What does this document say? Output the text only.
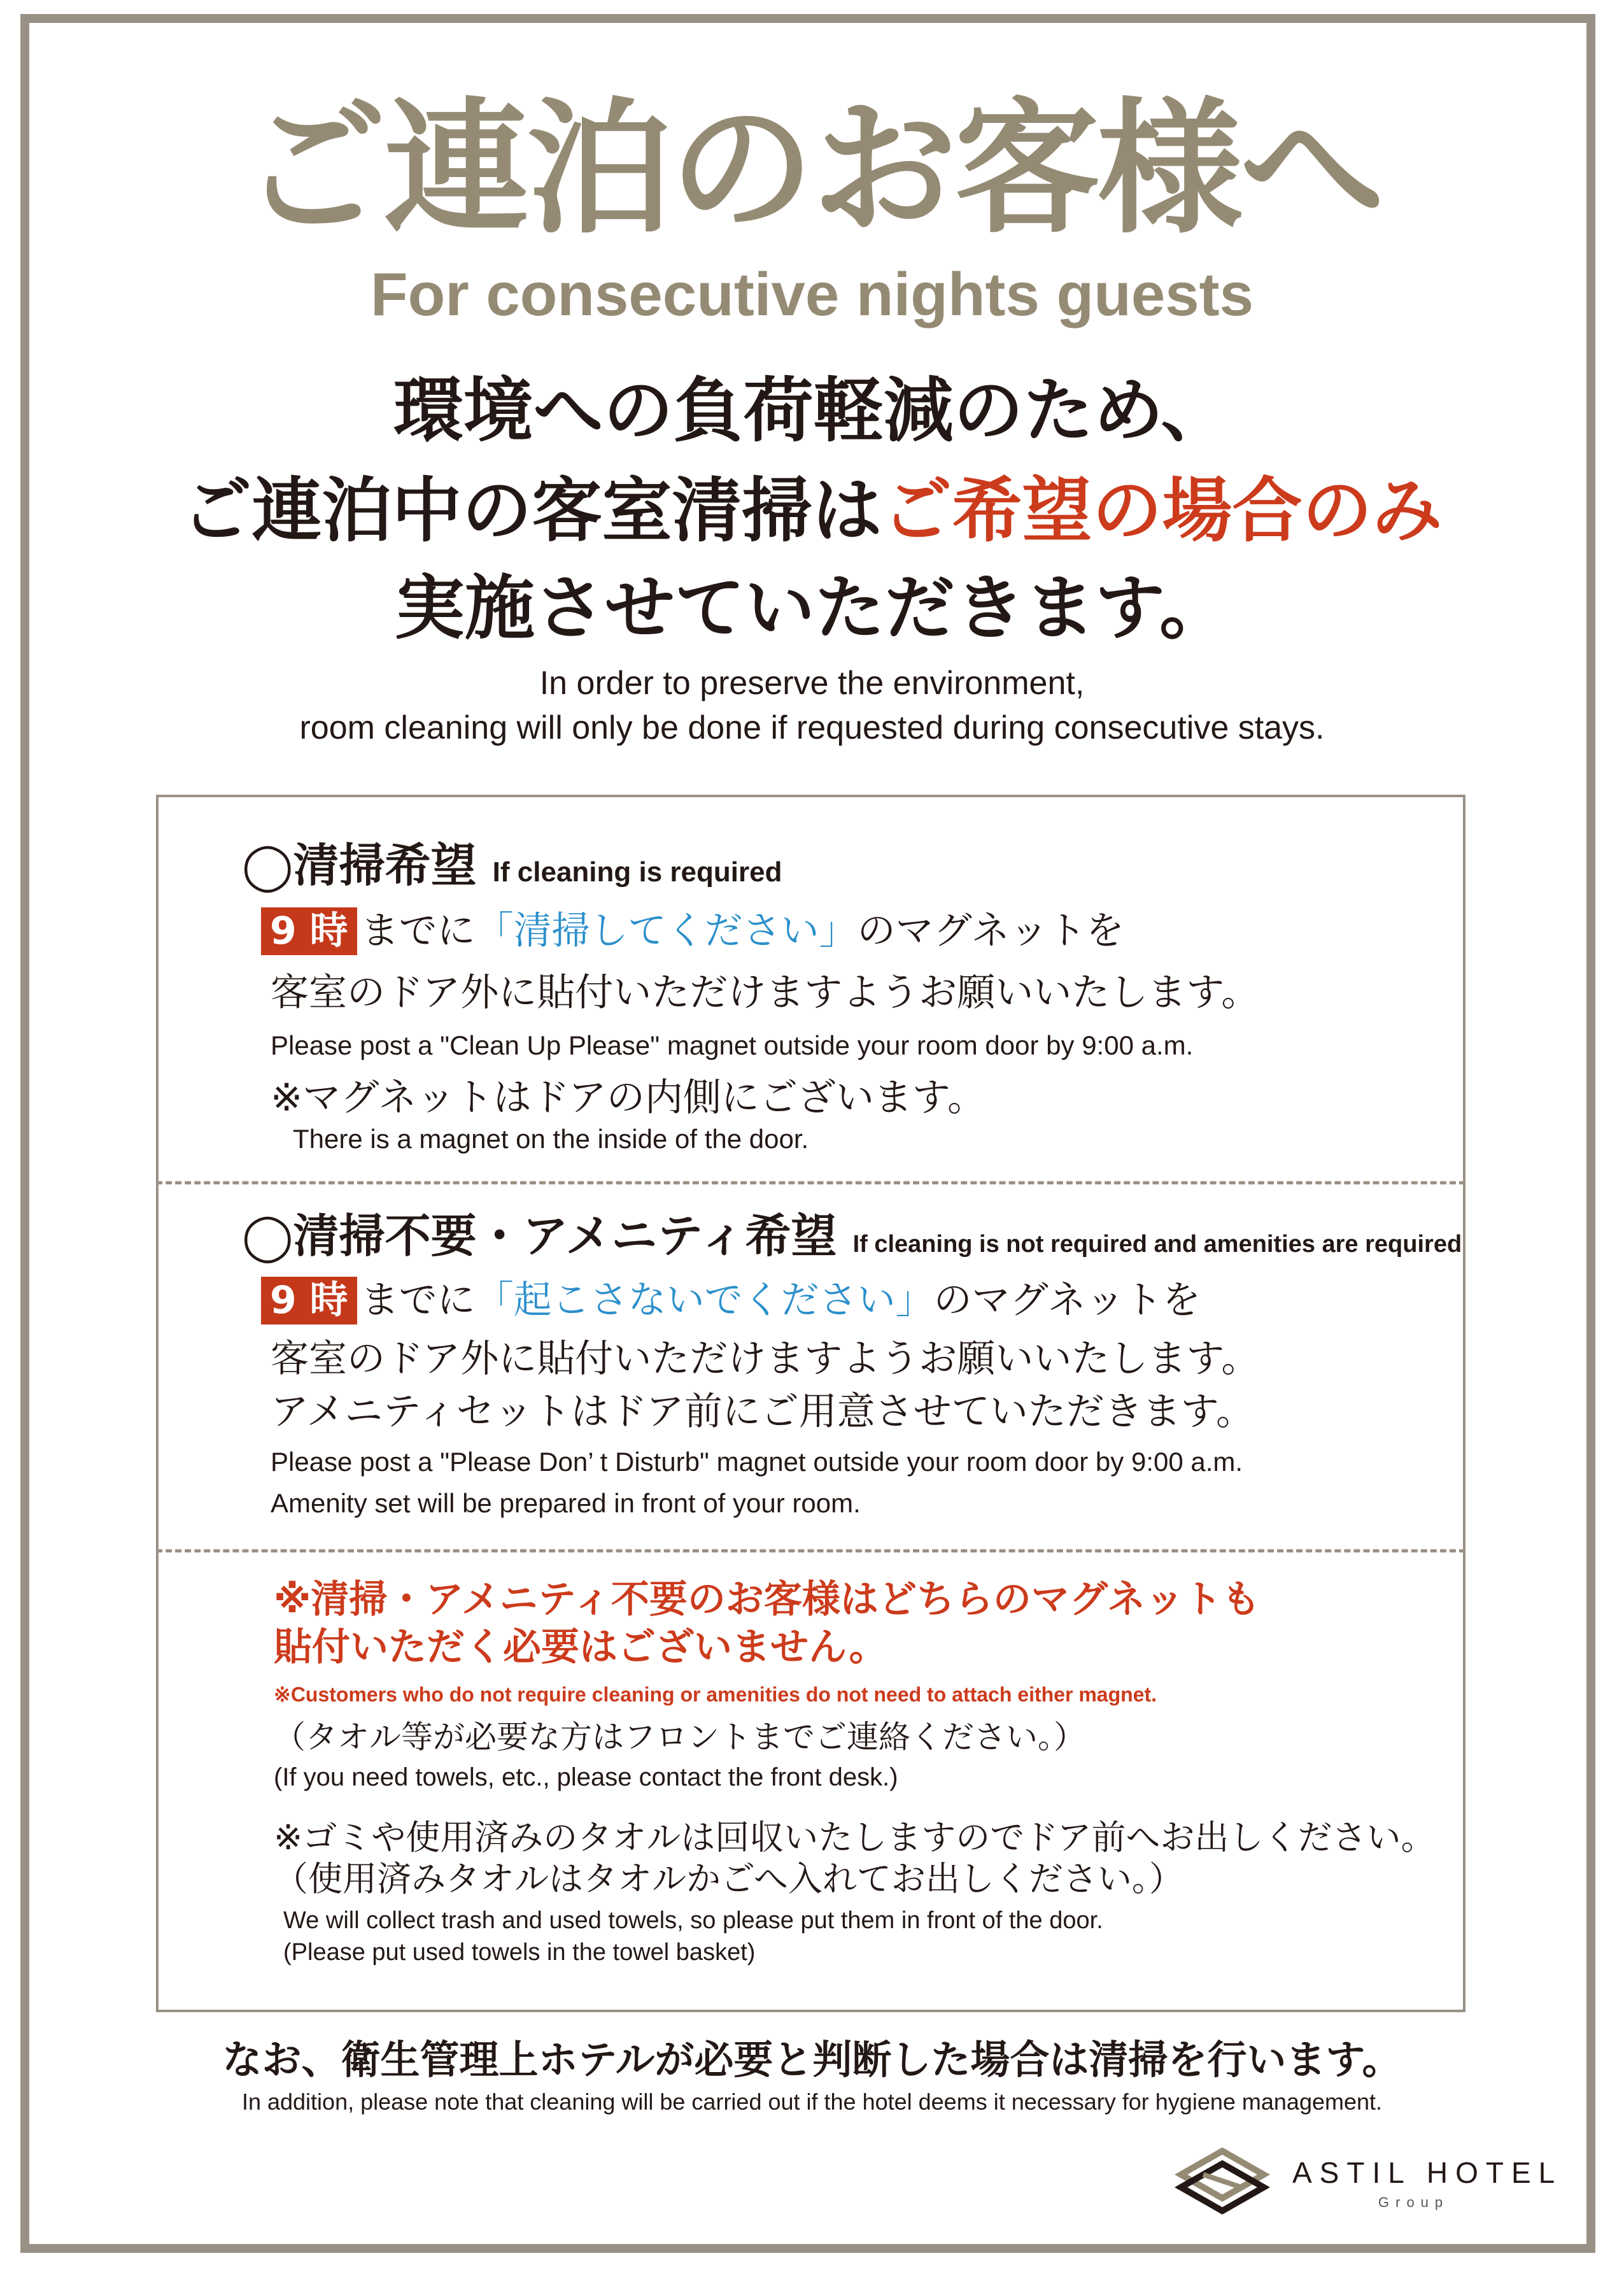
ご連泊のお客様へ
For consecutive nights guests
環境への負荷軽減のため、
ご連泊中の客室清掃はご希望の場合のみ
実施させていただきます。
In order to preserve the environment,
room cleaning will only be done if requested during consecutive stays.
◯清掃希望 If cleaning is required
9 時 までに「清掃してください」のマグネットを
客室のドア外に貼付いただけますようお願いいたします。
Please post a "Clean Up Please" magnet outside your room door by 9:00 a.m.
※マグネットはドアの内側にございます。
There is a magnet on the inside of the door.
◯清掃不要・アメニティ希望 If cleaning is not required and amenities are required
9 時 までに「起こさないでください」のマグネットを
客室のドア外に貼付いただけますようお願いいたします。
アメニティセットはドア前にご用意させていただきます。
Please post a "Please Don’ t Disturb" magnet outside your room door by 9:00 a.m.
Amenity set will be prepared in front of your room.
※清掃・アメニティ不要のお客様はどちらのマグネットも
貼付いただく必要はございません。
※Customers who do not require cleaning or amenities do not need to attach either magnet.
（タオル等が必要な方はフロントまでご連絡ください。）
(If you need towels, etc., please contact the front desk.)
※ゴミや使用済みのタオルは回収いたしますのでドア前へお出しください。
（使用済みタオルはタオルかごへ入れてお出しください。）
We will collect trash and used towels, so please put them in front of the door.
(Please put used towels in the towel basket)
なお、衛生管理上ホテルが必要と判断した場合は清掃を行います。
In addition, please note that cleaning will be carried out if the hotel deems it necessary for hygiene management.
ASTIL HOTEL
Group
